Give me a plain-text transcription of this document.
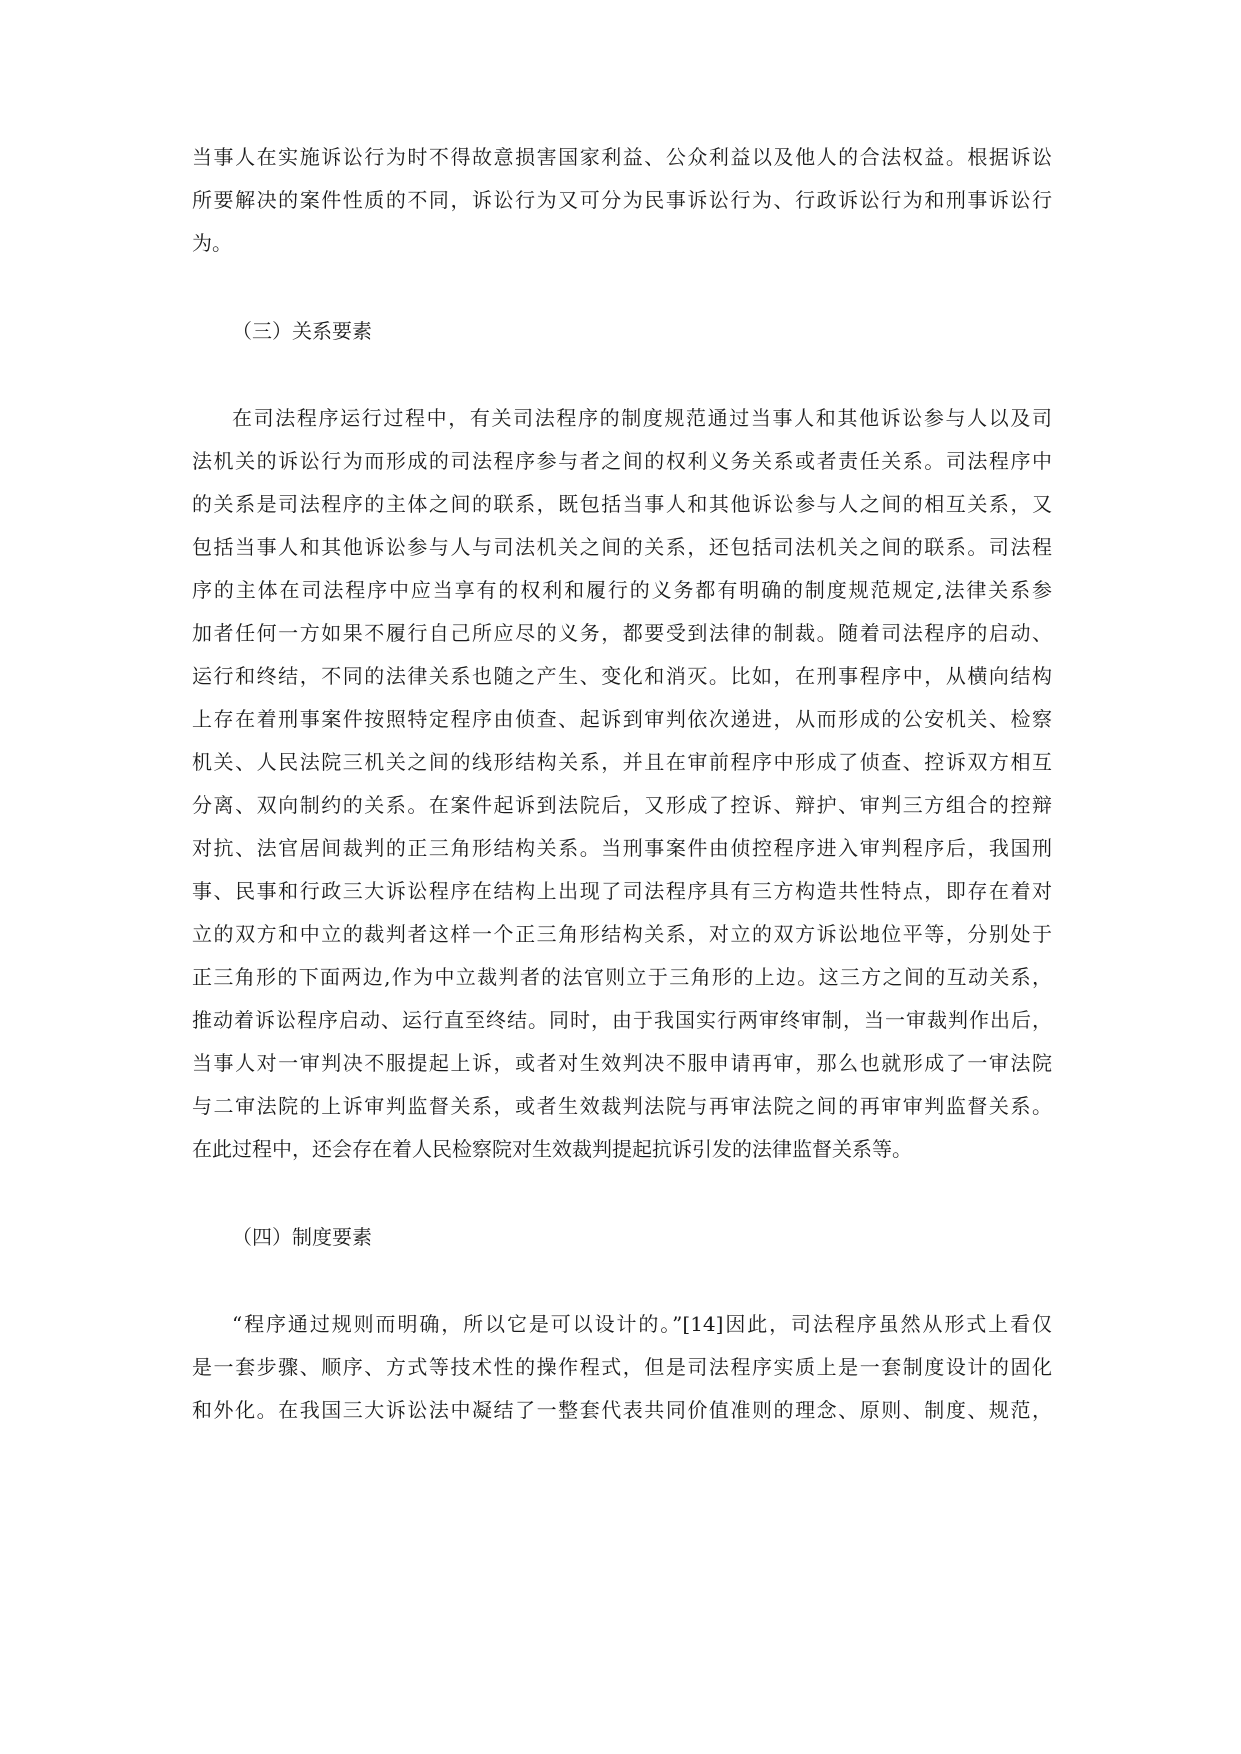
当事人在实施诉讼行为时不得故意损害国家利益、公众利益以及他人的合法权益。根据诉讼
所要解决的案件性质的不同，诉讼行为又可分为民事诉讼行为、行政诉讼行为和刑事诉讼行
为。
（三）关系要素
在司法程序运行过程中，有关司法程序的制度规范通过当事人和其他诉讼参与人以及司
法机关的诉讼行为而形成的司法程序参与者之间的权利义务关系或者责任关系。司法程序中
的关系是司法程序的主体之间的联系，既包括当事人和其他诉讼参与人之间的相互关系，又
包括当事人和其他诉讼参与人与司法机关之间的关系，还包括司法机关之间的联系。司法程
序的主体在司法程序中应当享有的权利和履行的义务都有明确的制度规范规定,法律关系参
加者任何一方如果不履行自己所应尽的义务，都要受到法律的制裁。随着司法程序的启动、
运行和终结，不同的法律关系也随之产生、变化和消灭。比如，在刑事程序中，从横向结构
上存在着刑事案件按照特定程序由侦查、起诉到审判依次递进，从而形成的公安机关、检察
机关、人民法院三机关之间的线形结构关系，并且在审前程序中形成了侦查、控诉双方相互
分离、双向制约的关系。在案件起诉到法院后，又形成了控诉、辩护、审判三方组合的控辩
对抗、法官居间裁判的正三角形结构关系。当刑事案件由侦控程序进入审判程序后，我国刑
事、民事和行政三大诉讼程序在结构上出现了司法程序具有三方构造共性特点，即存在着对
立的双方和中立的裁判者这样一个正三角形结构关系，对立的双方诉讼地位平等，分别处于
正三角形的下面两边,作为中立裁判者的法官则立于三角形的上边。这三方之间的互动关系，
推动着诉讼程序启动、运行直至终结。同时，由于我国实行两审终审制，当一审裁判作出后，
当事人对一审判决不服提起上诉，或者对生效判决不服申请再审，那么也就形成了一审法院
与二审法院的上诉审判监督关系，或者生效裁判法院与再审法院之间的再审审判监督关系。
在此过程中，还会存在着人民检察院对生效裁判提起抗诉引发的法律监督关系等。
（四）制度要素
“程序通过规则而明确，所以它是可以设计的。”[14]因此，司法程序虽然从形式上看仅
是一套步骤、顺序、方式等技术性的操作程式，但是司法程序实质上是一套制度设计的固化
和外化。在我国三大诉讼法中凝结了一整套代表共同价值准则的理念、原则、制度、规范，
